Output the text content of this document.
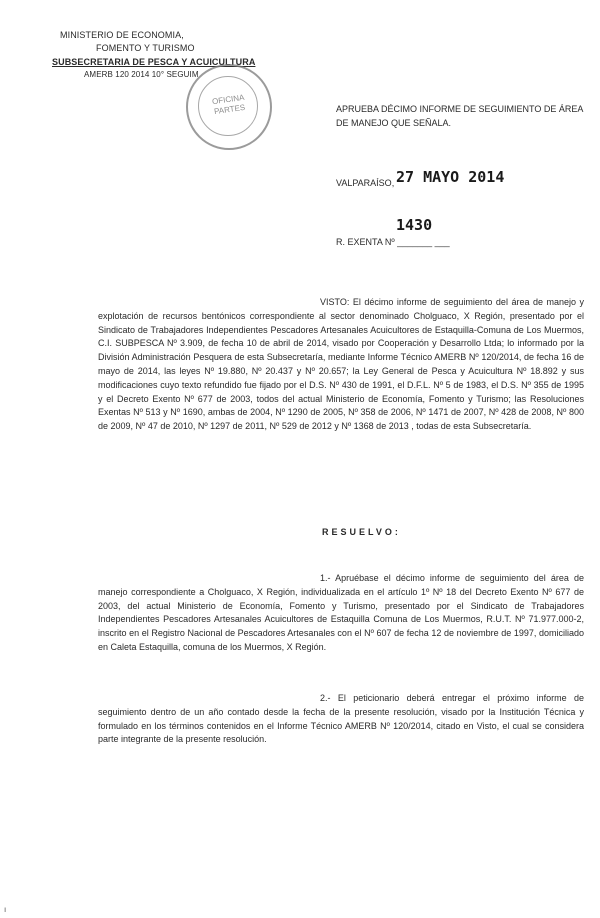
MINISTERIO DE ECONOMIA,
FOMENTO Y TURISMO
SUBSECRETARIA DE PESCA Y ACUICULTURA
AMERB 120 2014 10° SEGUIM
OFICINA
PARTES	APRUEBA DÉCIMO INFORME DE SEGUIMIENTO DE ÁREA DE MANEJO QUE SEÑALA.
VALPARAÍSO, 27 MAYO 2014
1430
R. EXENTA Nº _______ ___
VISTO: El décimo informe de seguimiento del área de manejo y explotación de recursos bentónicos correspondiente al sector denominado Cholguaco, X Región, presentado por el Sindicato de Trabajadores Independientes Pescadores Artesanales Acuicultores de Estaquilla-Comuna de Los Muermos, C.I. SUBPESCA Nº 3.909, de fecha 10 de abril de 2014, visado por Cooperación y Desarrollo Ltda; lo informado por la División Administración Pesquera de esta Subsecretaría, mediante Informe Técnico AMERB Nº 120/2014, de fecha 16 de mayo de 2014, las leyes Nº 19.880, Nº 20.437 y Nº 20.657; la Ley General de Pesca y Acuicultura Nº 18.892 y sus modificaciones cuyo texto refundido fue fijado por el D.S. Nº 430 de 1991, el D.F.L. Nº 5 de 1983, el D.S. Nº 355 de 1995 y el Decreto Exento Nº 677 de 2003, todos del actual Ministerio de Economía, Fomento y Turismo; las Resoluciones Exentas Nº 513 y Nº 1690, ambas de 2004, Nº 1290 de 2005, Nº 358 de 2006, Nº 1471 de 2007, Nº 428 de 2008, Nº 800 de 2009, Nº 47 de 2010, Nº 1297 de 2011, Nº 529 de 2012 y Nº 1368 de 2013 , todas de esta Subsecretaría.
RESUELVO:
1.- Apruébase el décimo informe de seguimiento del área de manejo correspondiente a Cholguaco, X Región, individualizada en el artículo 1º Nº 18 del Decreto Exento Nº 677 de 2003, del actual Ministerio de Economía, Fomento y Turismo, presentado por el Sindicato de Trabajadores Independientes Pescadores Artesanales Acuicultores de Estaquilla Comuna de Los Muermos, R.U.T. Nº 71.977.000-2, inscrito en el Registro Nacional de Pescadores Artesanales con el Nº 607 de fecha 12 de noviembre de 1997, domiciliado en Caleta Estaquilla, comuna de los Muermos, X Región.
2.- El peticionario deberá entregar el próximo informe de seguimiento dentro de un año contado desde la fecha de la presente resolución, visado por la Institución Técnica y formulado en los términos contenidos en el Informe Técnico AMERB Nº 120/2014, citado en Visto, el cual se considera parte integrante de la presente resolución.
ı
